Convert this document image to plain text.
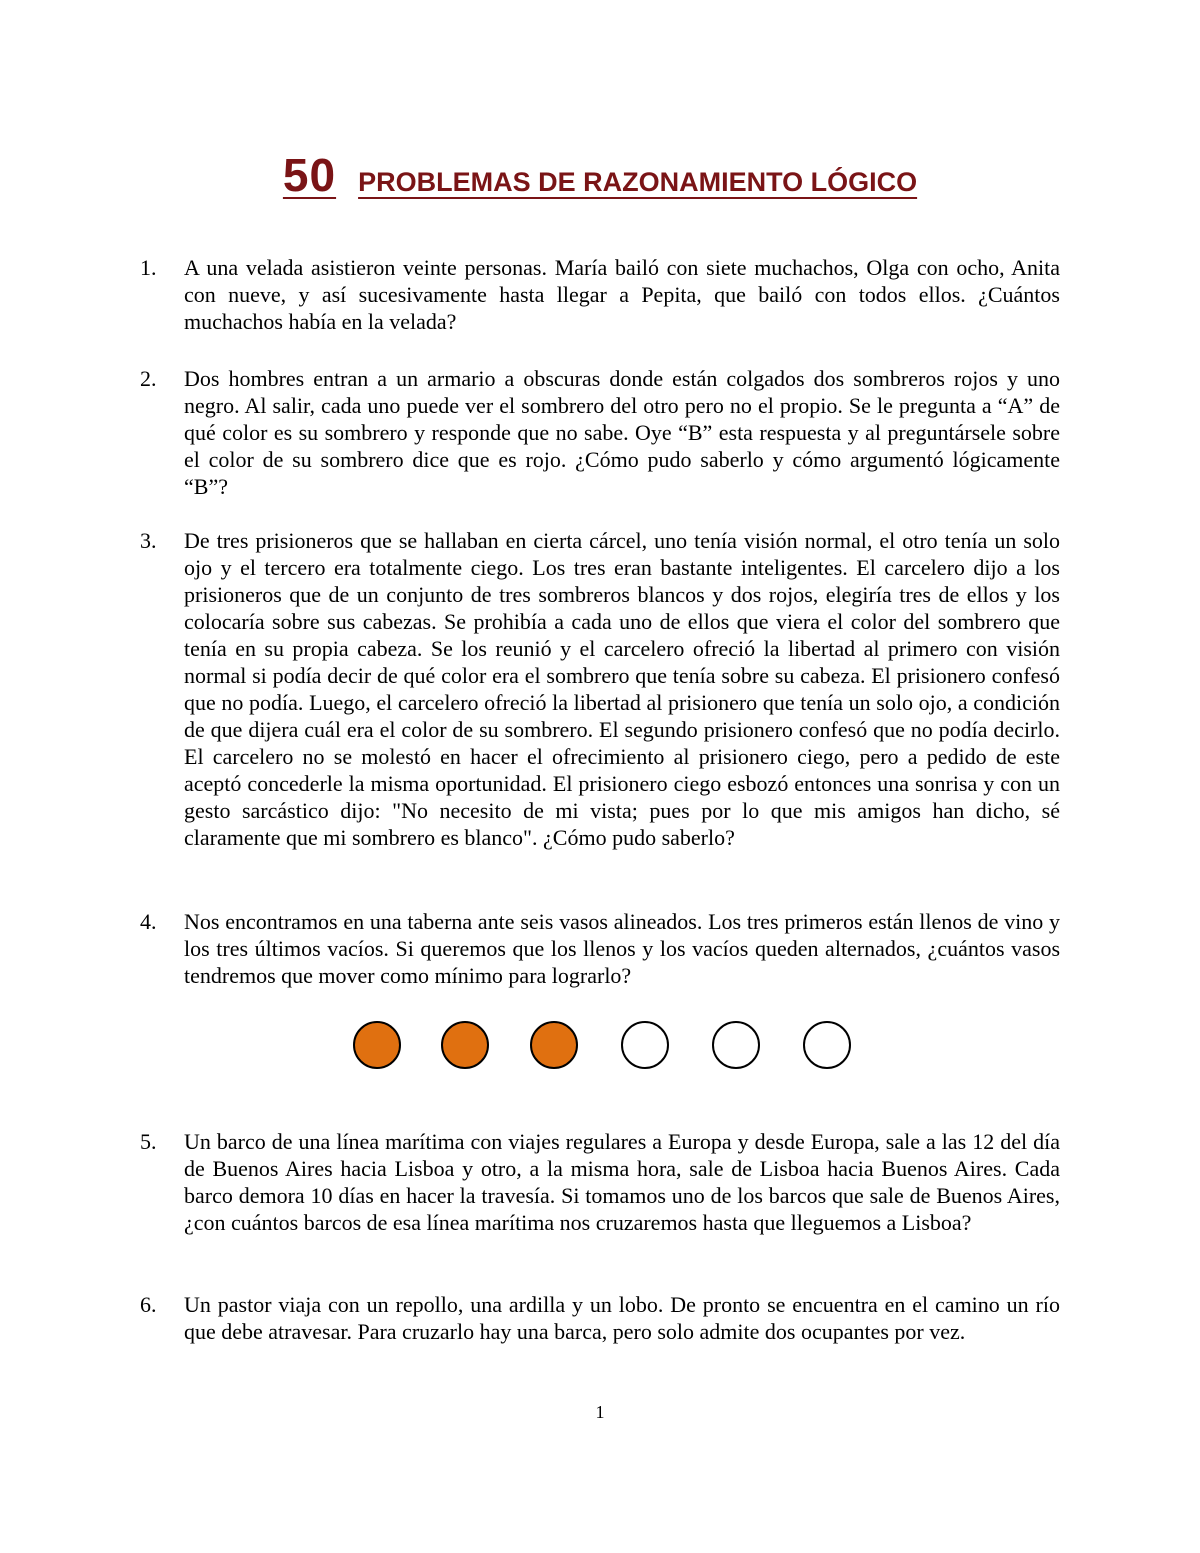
50 PROBLEMAS DE RAZONAMIENTO LÓGICO
1.	A una velada asistieron veinte personas. María bailó con siete muchachos, Olga con ocho, Anita con nueve, y así sucesivamente hasta llegar a Pepita, que bailó con todos ellos. ¿Cuántos muchachos había en la velada?
2.	Dos hombres entran a un armario a obscuras donde están colgados dos sombreros rojos y uno negro. Al salir, cada uno puede ver el sombrero del otro pero no el propio. Se le pregunta a “A” de qué color es su sombrero y responde que no sabe. Oye “B” esta respuesta y al preguntársele sobre el color de su sombrero dice que es rojo. ¿Cómo pudo saberlo y cómo argumentó lógicamente “B”?
3.	De tres prisioneros que se hallaban en cierta cárcel, uno tenía visión normal, el otro tenía un solo ojo y el tercero era totalmente ciego. Los tres eran bastante inteligentes. El carcelero dijo a los prisioneros que de un conjunto de tres sombreros blancos y dos rojos, elegiría tres de ellos y los colocaría sobre sus cabezas. Se prohibía a cada uno de ellos que viera el color del sombrero que tenía en su propia cabeza. Se los reunió y el carcelero ofreció la libertad al primero con visión normal si podía decir de qué color era el sombrero que tenía sobre su cabeza. El prisionero confesó que no podía. Luego, el carcelero ofreció la libertad al prisionero que tenía un solo ojo, a condición de que dijera cuál era el color de su sombrero. El segundo prisionero confesó que no podía decirlo. El carcelero no se molestó en hacer el ofrecimiento al prisionero ciego, pero a pedido de este aceptó concederle la misma oportunidad. El prisionero ciego esbozó entonces una sonrisa y con un gesto sarcástico dijo: "No necesito de mi vista; pues por lo que mis amigos han dicho, sé claramente que mi sombrero es blanco". ¿Cómo pudo saberlo?
4.	Nos encontramos en una taberna ante seis vasos alineados. Los tres primeros están llenos de vino y los tres últimos vacíos. Si queremos que los llenos y los vacíos queden alternados, ¿cuántos vasos tendremos que mover como mínimo para lograrlo?
5.	Un barco de una línea marítima con viajes regulares a Europa y desde Europa, sale a las 12 del día de Buenos Aires hacia Lisboa y otro, a la misma hora, sale de Lisboa hacia Buenos Aires. Cada barco demora 10 días en hacer la travesía. Si tomamos uno de los barcos que sale de Buenos Aires, ¿con cuántos barcos de esa línea marítima nos cruzaremos hasta que lleguemos a Lisboa?
6.	Un pastor viaja con un repollo, una ardilla y un lobo. De pronto se encuentra en el camino un río que debe atravesar. Para cruzarlo hay una barca, pero solo admite dos ocupantes por vez.
1
